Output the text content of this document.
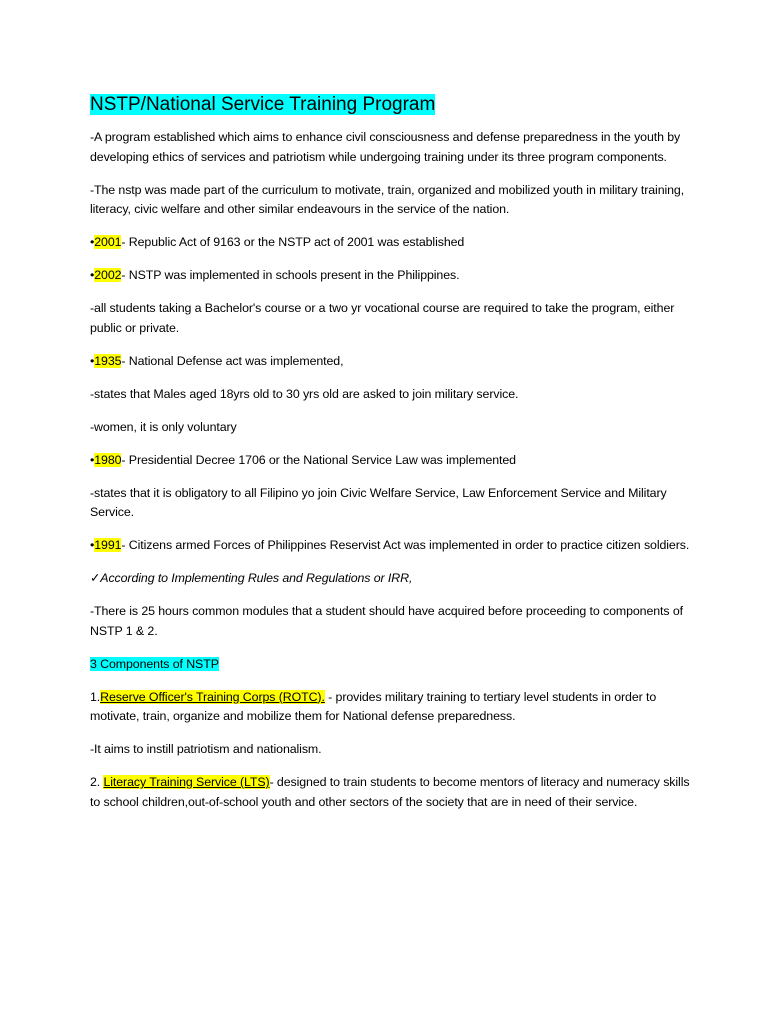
NSTP/National Service Training Program

-A program established which aims to enhance civil consciousness and defense preparedness in the youth by developing ethics of services and patriotism while undergoing training under its three program components.

-The nstp was made part of the curriculum to motivate, train, organized and mobilized youth in military training, literacy, civic welfare and other similar endeavours in the service of the nation.

•2001- Republic Act of 9163 or the NSTP act of 2001 was established

•2002- NSTP was implemented in schools present in the Philippines.

-all students taking a Bachelor's course or a two yr vocational course are required to take the program, either public or private.

•1935- National Defense act was implemented,

-states that Males aged 18yrs old to 30 yrs old are asked to join military service.

-women, it is only voluntary

•1980- Presidential Decree 1706 or the National Service Law was implemented

-states that it is obligatory to all Filipino yo join Civic Welfare Service, Law Enforcement Service and Military Service.

•1991- Citizens armed Forces of Philippines Reservist Act was implemented in order to practice citizen soldiers.

✓According to Implementing Rules and Regulations or IRR,

-There is 25 hours common modules that a student should have acquired before proceeding to components of NSTP 1 & 2.

3 Components of NSTP

1.Reserve Officer's Training Corps (ROTC). - provides military training to tertiary level students in order to motivate, train, organize and mobilize them for National defense preparedness.

-It aims to instill patriotism and nationalism.

2. Literacy Training Service (LTS)- designed to train students to become mentors of literacy and numeracy skills to school children,out-of-school youth and other sectors of the society that are in need of their service.
